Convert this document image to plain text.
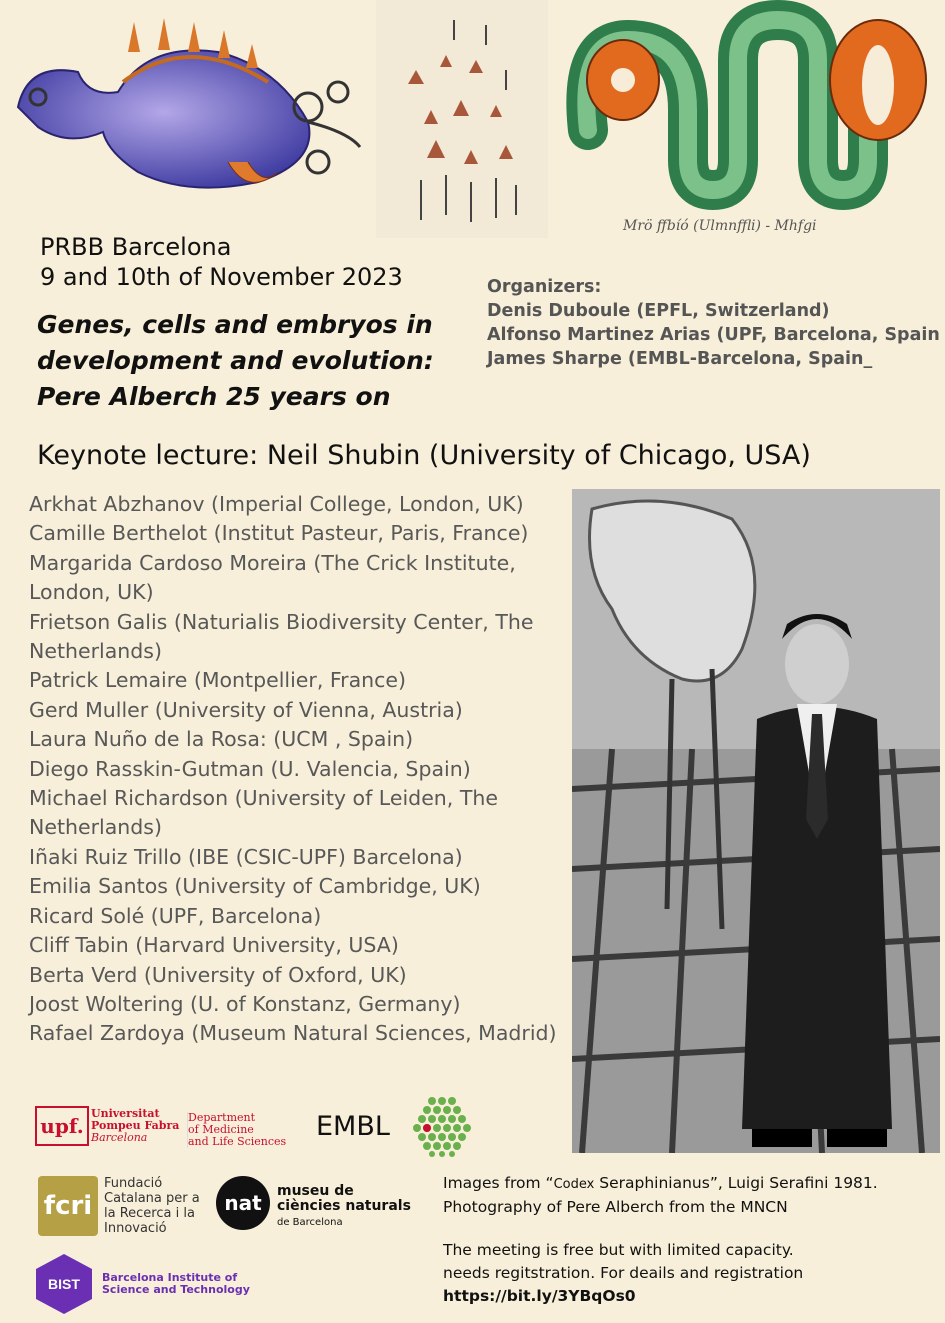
Mrö ffbíó (Ulmnffli) - Mhfgi
PRBB Barcelona
9 and 10th of November 2023
Genes, cells and embryos in
development and evolution:
Pere Alberch 25 years on
Organizers:
Denis Duboule (EPFL, Switzerland)
Alfonso Martinez Arias (UPF, Barcelona, Spain
James Sharpe (EMBL-Barcelona, Spain_
Keynote lecture: Neil Shubin (University of Chicago, USA)
Arkhat Abzhanov (Imperial College, London, UK)
Camille Berthelot (Institut Pasteur, Paris, France)
Margarida Cardoso Moreira (The Crick Institute, London, UK)
Frietson Galis (Naturialis Biodiversity Center, The Netherlands)
Patrick Lemaire (Montpellier, France)
Gerd Muller (University of Vienna, Austria)
Laura Nuño de la Rosa: (UCM , Spain)
Diego Rasskin-Gutman (U. Valencia, Spain)
Michael Richardson (University of Leiden, The Netherlands)
Iñaki Ruiz Trillo (IBE (CSIC-UPF) Barcelona)
Emilia Santos (University of Cambridge, UK)
Ricard Solé (UPF, Barcelona)
Cliff Tabin (Harvard University, USA)
Berta Verd (University of Oxford, UK)
Joost Woltering (U. of Konstanz, Germany)
Rafael Zardoya (Museum Natural Sciences, Madrid)
upf.
Universitat
Pompeu Fabra
Barcelona
Department
of Medicine
and Life Sciences EMBL
fcri
Fundació
Catalana per a
la Recerca i la
Innovació
nat	museu de
ciències naturals
de Barcelona
BIST Barcelona Institute of
Science and Technology
Images from “Codex Seraphinianus”, Luigi Serafini 1981.
Photography of Pere Alberch from the MNCN
The meeting is free but with limited capacity.
needs regitstration. For deails and registration
https://bit.ly/3YBqOs0
